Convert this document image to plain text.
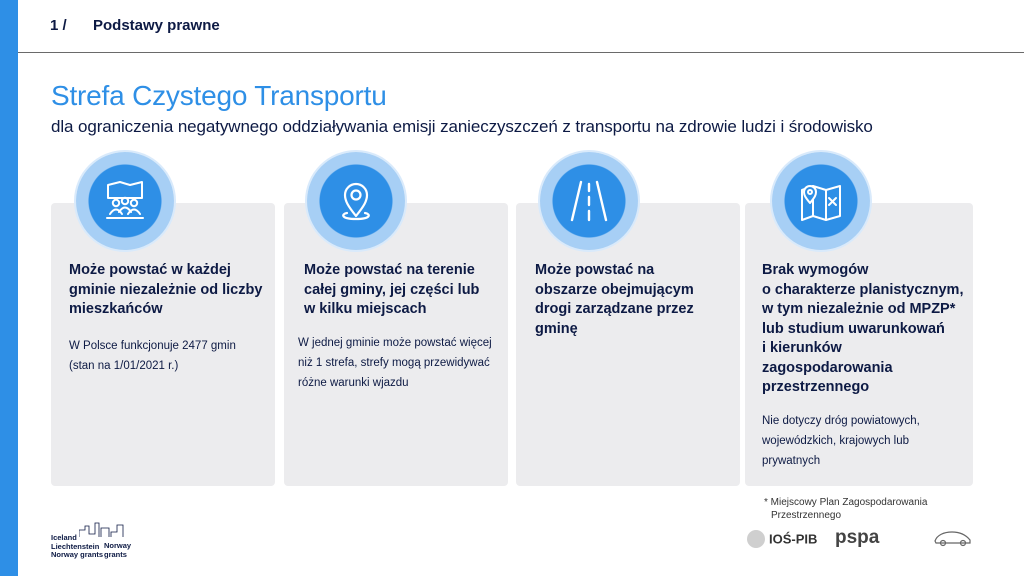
1 / Podstawy prawne
Strefa Czystego Transportu
dla ograniczenia negatywnego oddziaływania emisji zanieczyszczeń z transportu na zdrowie ludzi i środowisko
Może powstać w każdej
gminie niezależnie od liczby
mieszkańców
W Polsce funkcjonuje 2477 gmin
(stan na 1/01/2021 r.)
Może powstać na terenie
całej gminy, jej części lub
w kilku miejscach
W jednej gminie może powstać więcej
niż 1 strefa, strefy mogą przewidywać
różne warunki wjazdu
Może powstać na
obszarze obejmującym
drogi zarządzane przez
gminę
Brak wymogów
o charakterze planistycznym,
w tym niezależnie od MPZP*
lub studium uwarunkowań
i kierunków
zagospodarowania
przestrzennego
Nie dotyczy dróg powiatowych,
wojewódzkich, krajowych lub
prywatnych
* Miejscowy Plan Zagospodarowania
Przestrzennego
Iceland
Liechtenstein
Norway grants
Norway grants
IOŚ-PIB pspa
